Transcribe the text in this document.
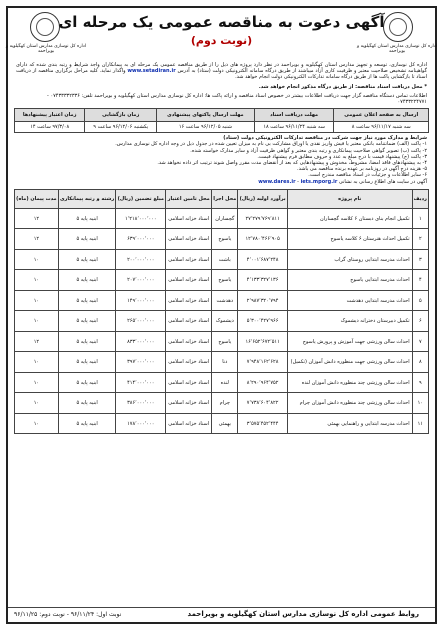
اداره کل نوسازی مدارس استان کهگیلویه و بویراحمد
اداره کل نوسازی مدارس استان کهگیلویه و بویراحمد
آگهی دعوت به مناقصه عمومی یک مرحله ای
(نوبت دوم)
اداره کل نوسازی، توسعه و تجهیز مدارس استان کهگیلویه و بویراحمد در نظر دارد پروژه های ذیل را از طریق مناقصه عمومی یک مرحله ای به پیمانکاران واجد شرایط و رتبه بندی شده که دارای گواهینامه تشخیص صلاحیت معتبر و ظرفیت کاری آزاد میباشند از طریق درگاه سامانه الکترونیکی دولت (ستاد) به آدرس www.setadiran.ir واگذار نماید. کلیه مراحل برگزاری مناقصه از دریافت اسناد تا بازگشایی پاکت ها از طریق درگاه سامانه تدارکات الکترونیکی دولت انجام خواهد شد.
* محل دریافت اسناد مناقصه: از طریق درگاه مذکور انجام خواهد شد.
اطلاعات تماس دستگاه مناقصه گزار جهت دریافت اطلاعات بیشتر در خصوص اسناد مناقصه و ارائه پاکت ها: اداره کل نوسازی مدارس استان کهگیلویه و بویراحمد تلفن: ۰۷۴۳۳۳۳۲۳۳۶ - ۰۷۴۳۳۲۲۴۷۷۱
ارسال به صفحه اعلان عمومی	مهلت دریافت اسناد	مهلت ارسال پاکتهای پیشنهادی	زمان بازگشایی	زمان اعتبار پیشنهادها
سه شنبه ۹۶/۱۱/۱۷ ساعت ۸	سه شنبه ۹۶/۱۱/۲۴ ساعت ۱۸	شنبه ۹۶/۱۲/۰۵ ساعت ۱۶	یکشنبه ۹۶/۱۲/۰۶ ساعت ۹	۹۷/۳/۰۸ ساعت ۱۴
شرایط و مدارک مورد نیاز جهت شرکت در مناقصه تدارکات الکترونیکی دولت (ستاد)
۱- پاکت (الف) ضمانتنامه بانکی معتبر یا فیش واریز نقدی یا اوراق مشارکت بی نام به میزان تعیین شده در جدول ذیل در وجه اداره کل نوسازی مدارس.
۲- پاکت (ب) تصویر گواهی صلاحیت پیمانکاری و رتبه بندی معتبر و گواهی ظرفیت آزاد و سایر مدارک خواسته شده.
۳- پاکت (ج) پیشنهاد قیمت با درج مبلغ به عدد و حروف مطابق فرم پیشنهاد قیمت.
۴- به پیشنهادهای فاقد امضا، مشروط، مخدوش و پیشنهادهایی که بعد از انقضای مدت مقرر واصل شوند ترتیب اثر داده نخواهد شد.
۵- هزینه درج آگهی در روزنامه بر عهده برنده مناقصه می باشد.
۶- سایر اطلاعات و جزئیات در اسناد مناقصه مندرج است.
آگهی در سایت های اطلاع رسانی به نشانی www.dares.ir - iets.mporg.ir
ردیف	نام پروژه	برآورد اولیه (ریال)	محل اجرا	محل تامین اعتبار	مبلغ تضمین (ریال)	رشته و رتبه پیمانکاری	مدت پیمان (ماه)
۱	تکمیل انجام بنای دبستان ۶ کلاسه گچساران	۲۷٬۲۷۹٬۷۶۹٬۸۱۱	گچساران	اسناد خزانه اسلامی	۱٬۲۱۸٬۰۰۰٬۰۰۰	ابنیه پایه ۵	۱۲
۲	تکمیل احداث هنرستان ۶ کلاسه یاسوج	۱۲٬۷۸۰٬۴۶۶٬۹۰۵	یاسوج	اسناد خزانه اسلامی	۶۳۹٬۰۰۰٬۰۰۰	ابنیه پایه ۵	۱۲
۳	احداث مدرسه ابتدایی روستای گراب	۴٬۰۰۱٬۶۸۷٬۲۴۸	باشت	اسناد خزانه اسلامی	۲۰۰٬۰۰۰٬۰۰۰	ابنیه پایه ۵	۱۰
۴	احداث مدرسه ابتدایی یاسوج	۴٬۱۳۳٬۳۲۷٬۱۳۶	یاسوج	اسناد خزانه اسلامی	۲۰۷٬۰۰۰٬۰۰۰	ابنیه پایه ۵	۱۰
۵	احداث مدرسه ابتدایی دهدشت	۲٬۹۸۷٬۳۲۰٬۷۹۴	دهدشت	اسناد خزانه اسلامی	۱۴۹٬۰۰۰٬۰۰۰	ابنیه پایه ۵	۱۰
۶	تکمیل دبیرستان دخترانه دیشموک	۵٬۳۰۰٬۴۲۷٬۹۶۶	دیشموک	اسناد خزانه اسلامی	۲۶۵٬۰۰۰٬۰۰۰	ابنیه پایه ۵	۱۰
۷	احداث سالن ورزشی جهت آموزش و پرورش یاسوج	۱۶٬۶۵۲٬۶۷۲٬۵۱۱	یاسوج	اسناد خزانه اسلامی	۸۳۳٬۰۰۰٬۰۰۰	ابنیه پایه ۵	۱۲
۸	احداث سالن ورزشی جهت منظوره دانش آموزان (تکمیل)	۷٬۹۴۸٬۱۶۲٬۶۲۸	دنا	اسناد خزانه اسلامی	۳۹۷٬۰۰۰٬۰۰۰	ابنیه پایه ۵	۱۰
۹	احداث سالن ورزشی چند منظوره دانش آموزان لنده	۸٬۲۹۰٬۹۶۴٬۷۵۲	لنده	اسناد خزانه اسلامی	۴۱۴٬۰۰۰٬۰۰۰	ابنیه پایه ۵	۱۰
۱۰	احداث سالن ورزشی چند منظوره دانش آموزان چرام	۷٬۷۳۸٬۶۰۴٬۸۲۲	چرام	اسناد خزانه اسلامی	۳۸۶٬۰۰۰٬۰۰۰	ابنیه پایه ۵	۱۰
۱۱	احداث مدرسه ابتدایی و راهنمایی بهمئی	۳٬۵۷۵٬۴۵۲٬۴۴۴	بهمئی	اسناد خزانه اسلامی	۱۷۸٬۰۰۰٬۰۰۰	ابنیه پایه ۵	۱۰
روابط عمومی اداره کل نوسازی مدارس استان کهگیلویه و بویراحمد
نوبت اول: ۹۶/۱۱/۲۴ - نوبت دوم: ۹۶/۱۱/۲۵
